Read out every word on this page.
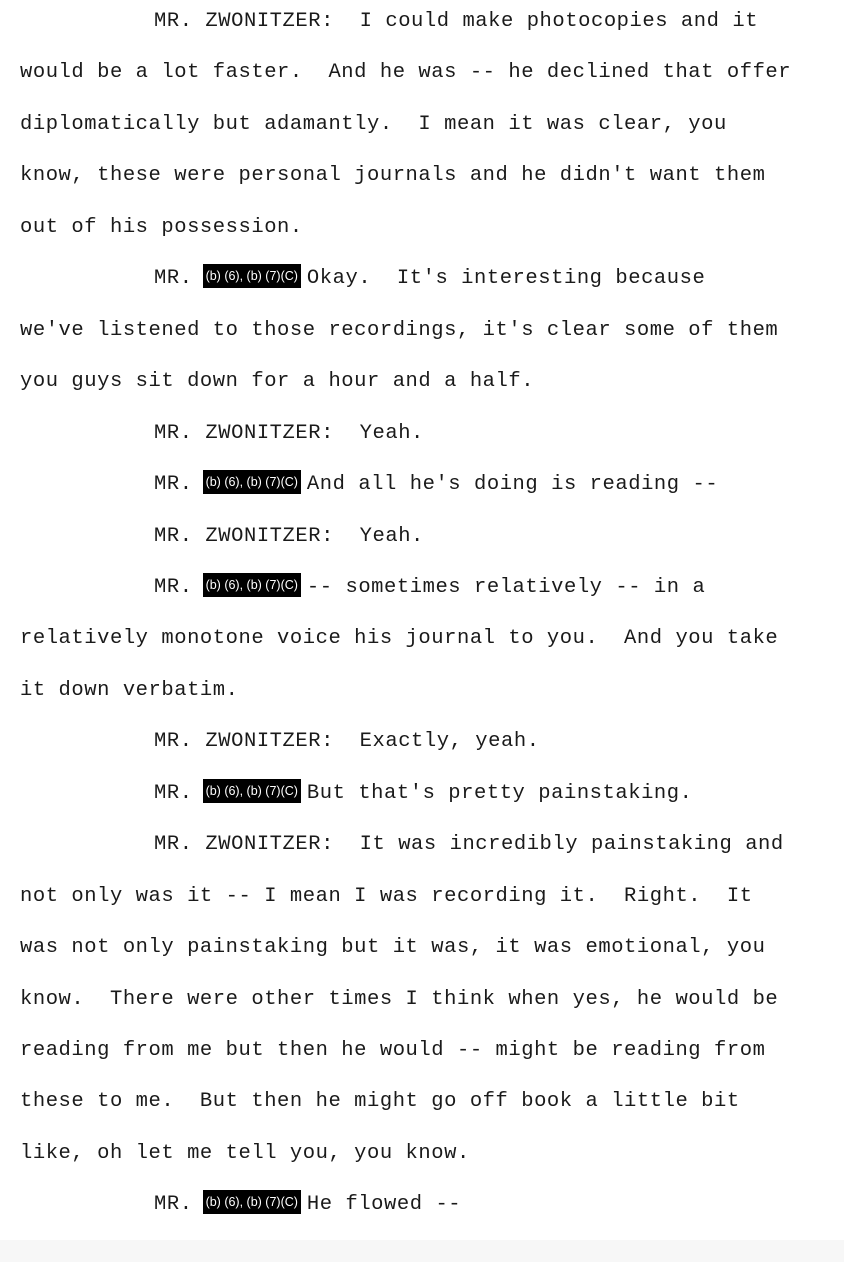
MR. ZWONITZER:  I could make photocopies and it
would be a lot faster.  And he was -- he declined that offer
diplomatically but adamantly.  I mean it was clear, you
know, these were personal journals and he didn't want them
out of his possession.
MR. (b) (6), (b) (7)(C) Okay.  It's interesting because
we've listened to those recordings, it's clear some of them
you guys sit down for a hour and a half.
MR. ZWONITZER:  Yeah.
MR. (b) (6), (b) (7)(C) And all he's doing is reading --
MR. ZWONITZER:  Yeah.
MR. (b) (6), (b) (7)(C) -- sometimes relatively -- in a
relatively monotone voice his journal to you.  And you take
it down verbatim.
MR. ZWONITZER:  Exactly, yeah.
MR. (b) (6), (b) (7)(C) But that's pretty painstaking.
MR. ZWONITZER:  It was incredibly painstaking and
not only was it -- I mean I was recording it.  Right.  It
was not only painstaking but it was, it was emotional, you
know.  There were other times I think when yes, he would be
reading from me but then he would -- might be reading from
these to me.  But then he might go off book a little bit
like, oh let me tell you, you know.
MR. (b) (6), (b) (7)(C) He flowed --
